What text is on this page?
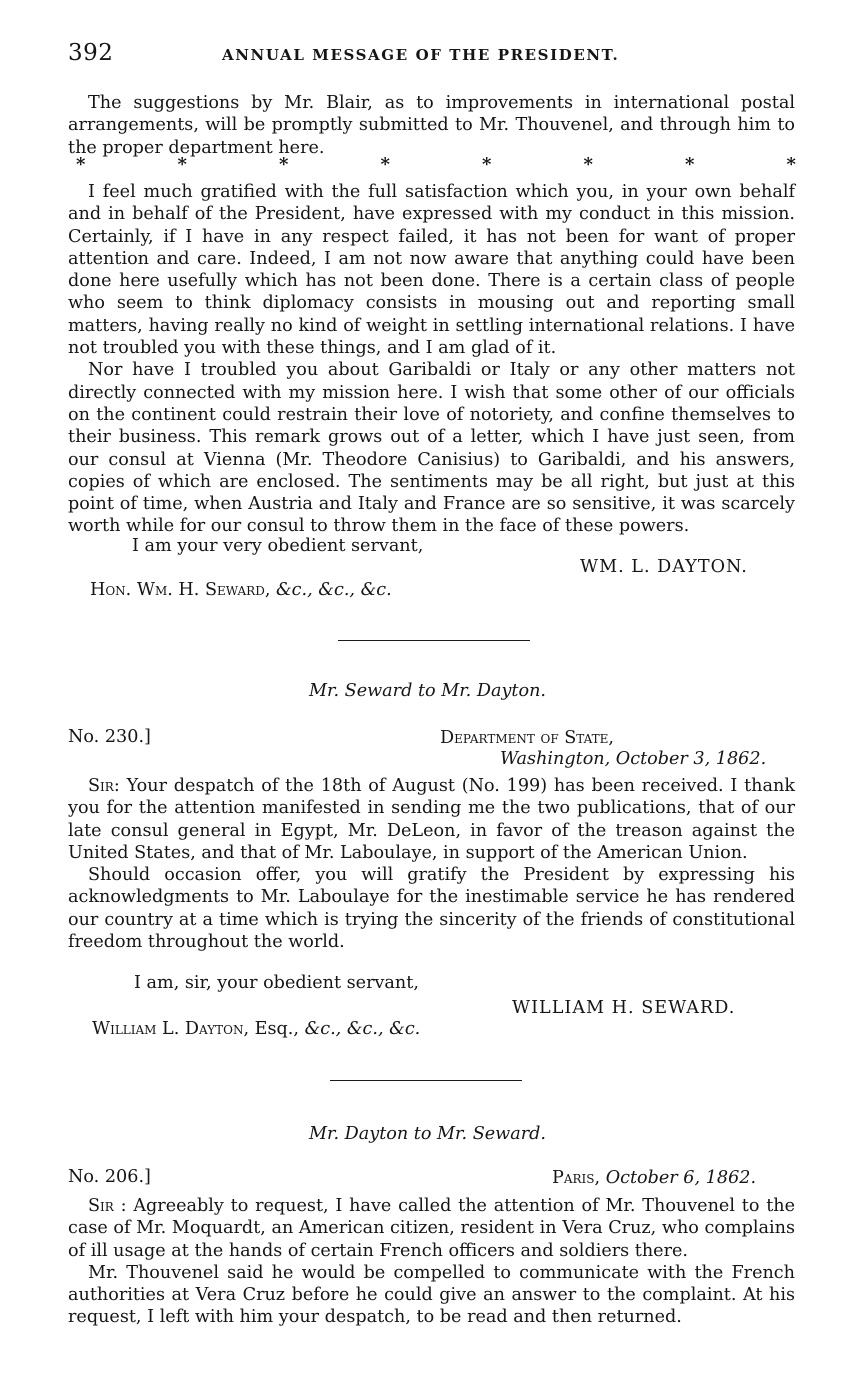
392	ANNUAL MESSAGE OF THE PRESIDENT.

The suggestions by Mr. Blair, as to improvements in international postal arrangements, will be promptly submitted to Mr. Thouvenel, and through him to the proper department here.

*	*	*	*	*	*	*	*

I feel much gratified with the full satisfaction which you, in your own behalf and in behalf of the President, have expressed with my conduct in this mission. Certainly, if I have in any respect failed, it has not been for want of proper attention and care. Indeed, I am not now aware that anything could have been done here usefully which has not been done. There is a certain class of people who seem to think diplomacy consists in mousing out and reporting small matters, having really no kind of weight in settling international relations. I have not troubled you with these things, and I am glad of it.

Nor have I troubled you about Garibaldi or Italy or any other matters not directly connected with my mission here. I wish that some other of our officials on the continent could restrain their love of notoriety, and confine themselves to their business. This remark grows out of a letter, which I have just seen, from our consul at Vienna (Mr. Theodore Canisius) to Garibaldi, and his answers, copies of which are enclosed. The sentiments may be all right, but just at this point of time, when Austria and Italy and France are so sensitive, it was scarcely worth while for our consul to throw them in the face of these powers.

I am your very obedient servant,
WM. L. DAYTON.
Hon. Wm. H. Seward, &c., &c., &c.
Mr. Seward to Mr. Dayton.
No. 230.]	Department of State,
Washington, October 3, 1862.

Sir: Your despatch of the 18th of August (No. 199) has been received. I thank you for the attention manifested in sending me the two publications, that of our late consul general in Egypt, Mr. DeLeon, in favor of the treason against the United States, and that of Mr. Laboulaye, in support of the American Union.

Should occasion offer, you will gratify the President by expressing his acknowledgments to Mr. Laboulaye for the inestimable service he has rendered our country at a time which is trying the sincerity of the friends of constitutional freedom throughout the world.

I am, sir, your obedient servant,
WILLIAM H. SEWARD.
William L. Dayton, Esq., &c., &c., &c.
Mr. Dayton to Mr. Seward.
No. 206.]	Paris, October 6, 1862.

Sir : Agreeably to request, I have called the attention of Mr. Thouvenel to the case of Mr. Moquardt, an American citizen, resident in Vera Cruz, who complains of ill usage at the hands of certain French officers and soldiers there.

Mr. Thouvenel said he would be compelled to communicate with the French authorities at Vera Cruz before he could give an answer to the complaint. At his request, I left with him your despatch, to be read and then returned.
